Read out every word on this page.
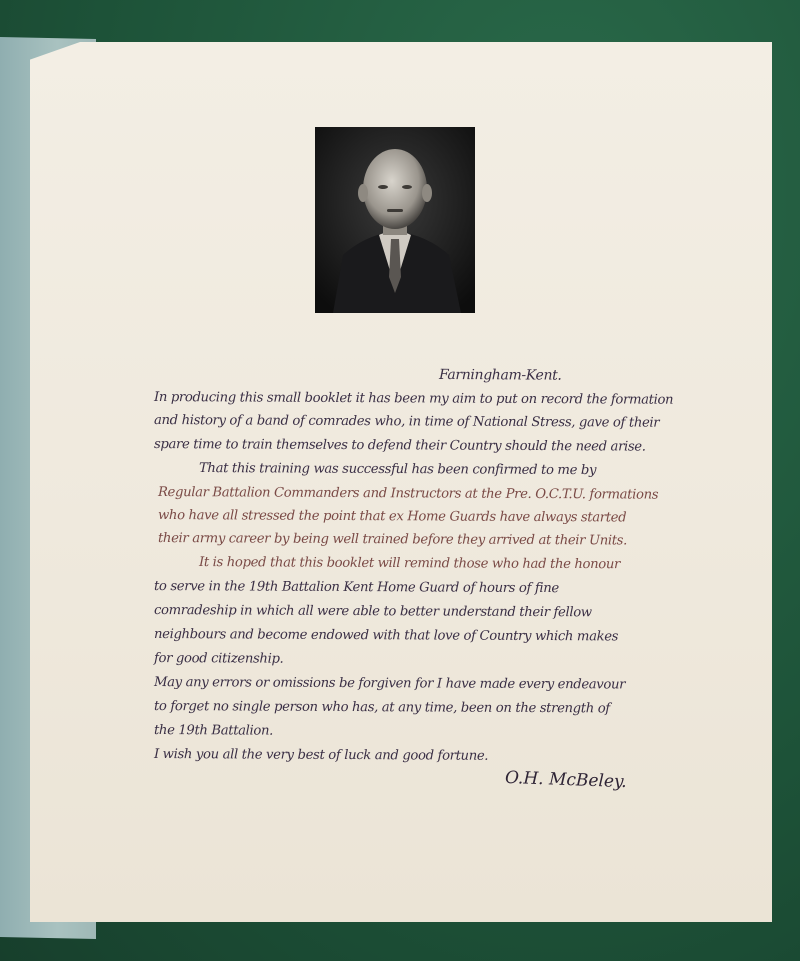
Farningham-Kent.
In producing this small booklet it has been my aim to put on record the formation
and history of a band of comrades who, in time of National Stress, gave of their
spare time to train themselves to defend their Country should the need arise.
That this training was successful has been confirmed to me by
Regular Battalion Commanders and Instructors at the Pre. O.C.T.U. formations
who have all stressed the point that ex Home Guards have always started
their army career by being well trained before they arrived at their Units.
It is hoped that this booklet will remind those who had the honour
to serve in the 19th Battalion Kent Home Guard of hours of fine
comradeship in which all were able to better understand their fellow
neighbours and become endowed with that love of Country which makes
for good citizenship.
May any errors or omissions be forgiven for I have made every endeavour
to forget no single person who has, at any time, been on the strength of
the 19th Battalion.
I wish you all the very best of luck and good fortune.
O.H. McBeley.
